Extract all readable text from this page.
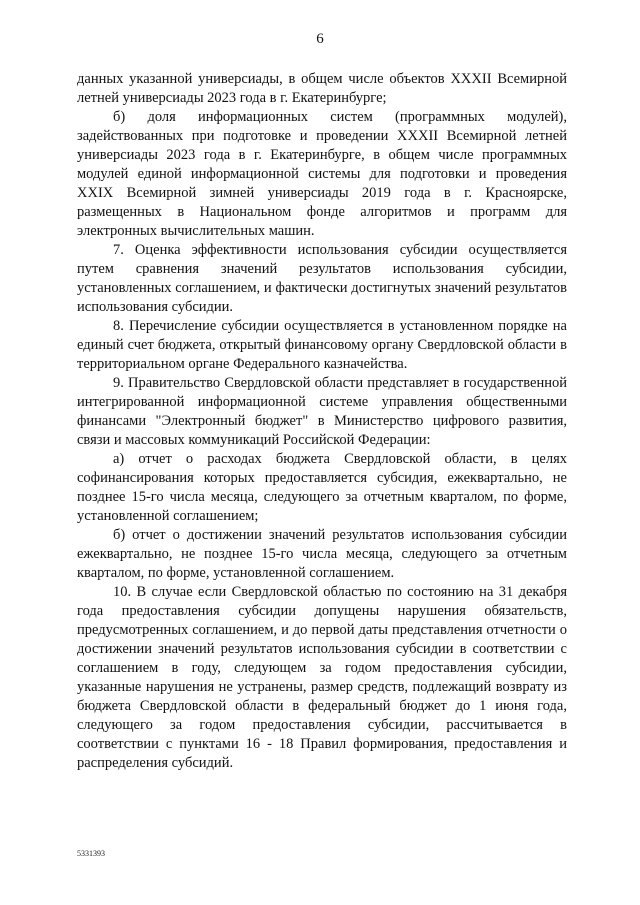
6

данных указанной универсиады, в общем числе объектов XXXII Всемирной летней универсиады 2023 года в г. Екатеринбурге;

б) доля информационных систем (программных модулей), задействованных при подготовке и проведении XXXII Всемирной летней универсиады 2023 года в г. Екатеринбурге, в общем числе программных модулей единой информационной системы для подготовки и проведения XXIX Всемирной зимней универсиады 2019 года в г. Красноярске, размещенных в Национальном фонде алгоритмов и программ для электронных вычислительных машин.

7. Оценка эффективности использования субсидии осуществляется путем сравнения значений результатов использования субсидии, установленных соглашением, и фактически достигнутых значений результатов использования субсидии.

8. Перечисление субсидии осуществляется в установленном порядке на единый счет бюджета, открытый финансовому органу Свердловской области в территориальном органе Федерального казначейства.

9. Правительство Свердловской области представляет в государственной интегрированной информационной системе управления общественными финансами "Электронный бюджет" в Министерство цифрового развития, связи и массовых коммуникаций Российской Федерации:

а) отчет о расходах бюджета Свердловской области, в целях софинансирования которых предоставляется субсидия, ежеквартально, не позднее 15-го числа месяца, следующего за отчетным кварталом, по форме, установленной соглашением;

б) отчет о достижении значений результатов использования субсидии ежеквартально, не позднее 15-го числа месяца, следующего за отчетным кварталом, по форме, установленной соглашением.

10. В случае если Свердловской областью по состоянию на 31 декабря года предоставления субсидии допущены нарушения обязательств, предусмотренных соглашением, и до первой даты представления отчетности о достижении значений результатов использования субсидии в соответствии с соглашением в году, следующем за годом предоставления субсидии, указанные нарушения не устранены, размер средств, подлежащий возврату из бюджета Свердловской области в федеральный бюджет до 1 июня года, следующего за годом предоставления субсидии, рассчитывается в соответствии с пунктами 16 - 18 Правил формирования, предоставления и распределения субсидий.

5331393
